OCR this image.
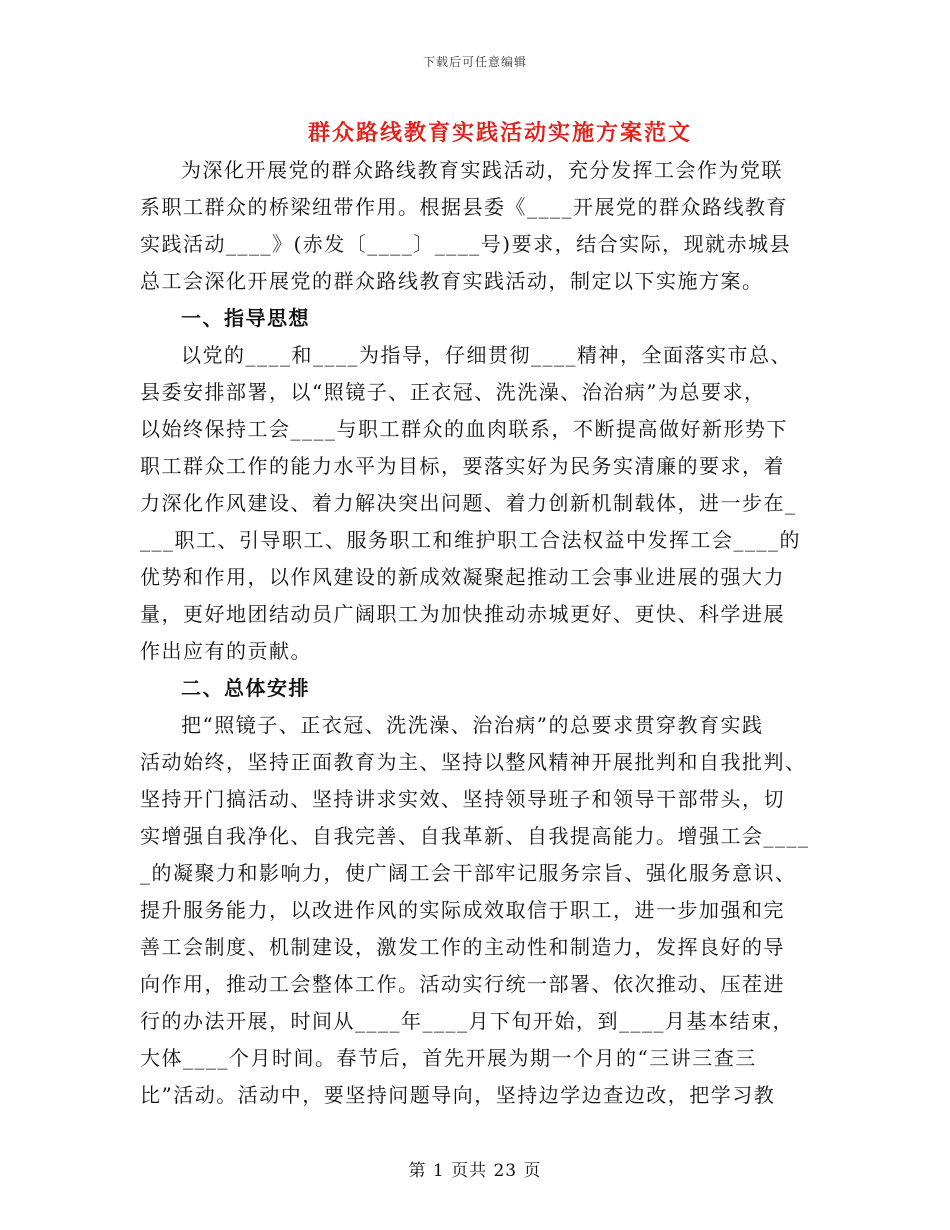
下载后可任意编辑
群众路线教育实践活动实施方案范文
为深化开展党的群众路线教育实践活动，充分发挥工会作为党联
系职工群众的桥梁纽带作用。根据县委《____开展党的群众路线教育
实践活动____》(赤发〔____〕____号)要求，结合实际，现就赤城县
总工会深化开展党的群众路线教育实践活动，制定以下实施方案。
一、指导思想
以党的____和____为指导，仔细贯彻____精神，全面落实市总、
县委安排部署，以“照镜子、正衣冠、洗洗澡、治治病”为总要求，
以始终保持工会____与职工群众的血肉联系，不断提高做好新形势下
职工群众工作的能力水平为目标，要落实好为民务实清廉的要求，着
力深化作风建设、着力解决突出问题、着力创新机制载体，进一步在_
___职工、引导职工、服务职工和维护职工合法权益中发挥工会____的
优势和作用，以作风建设的新成效凝聚起推动工会事业进展的强大力
量，更好地团结动员广阔职工为加快推动赤城更好、更快、科学进展
作出应有的贡献。
二、总体安排
把“照镜子、正衣冠、洗洗澡、治治病”的总要求贯穿教育实践
活动始终，坚持正面教育为主、坚持以整风精神开展批判和自我批判、
坚持开门搞活动、坚持讲求实效、坚持领导班子和领导干部带头，切
实增强自我净化、自我完善、自我革新、自我提高能力。增强工会____
_的凝聚力和影响力，使广阔工会干部牢记服务宗旨、强化服务意识、
提升服务能力，以改进作风的实际成效取信于职工，进一步加强和完
善工会制度、机制建设，激发工作的主动性和制造力，发挥良好的导
向作用，推动工会整体工作。活动实行统一部署、依次推动、压茬进
行的办法开展，时间从____年____月下旬开始，到____月基本结束，
大体____个月时间。春节后，首先开展为期一个月的“三讲三查三
比”活动。活动中，要坚持问题导向，坚持边学边查边改，把学习教
第 1 页共 23 页
